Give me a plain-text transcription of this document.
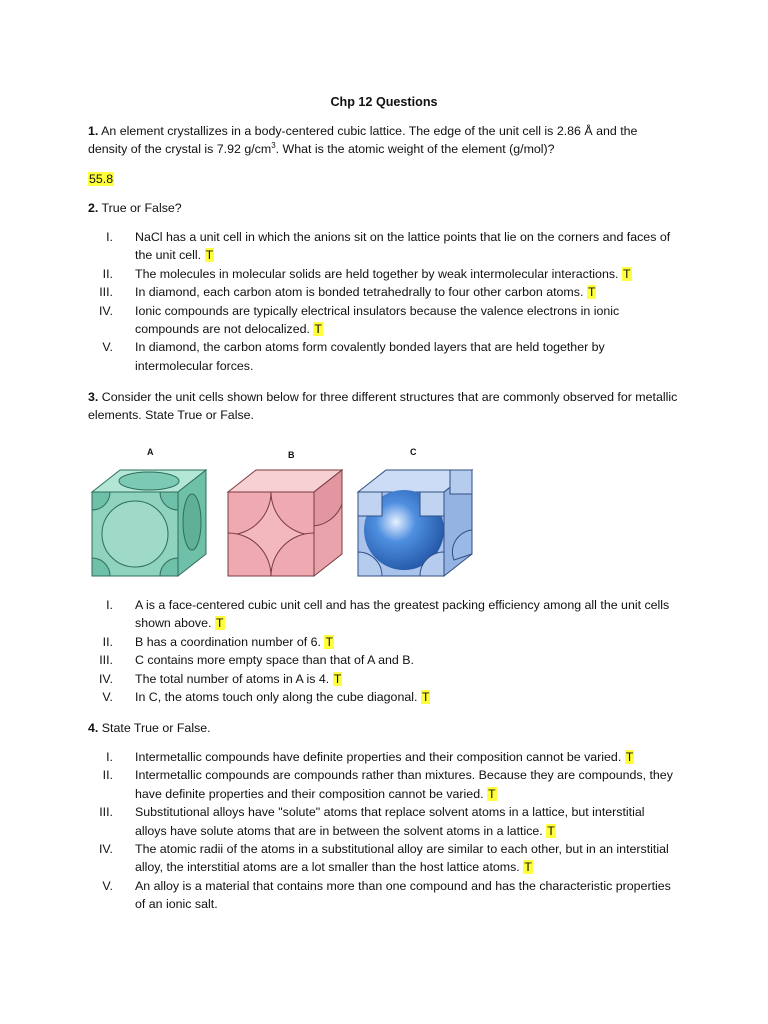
Chp 12 Questions
1. An element crystallizes in a body-centered cubic lattice. The edge of the unit cell is 2.86 Å and the density of the crystal is 7.92 $g/cm^3$. What is the atomic weight of the element (g/mol)?
55.8
2. True or False?
I. NaCl has a unit cell in which the anions sit on the lattice points that lie on the corners and faces of the unit cell. T
II. The molecules in molecular solids are held together by weak intermolecular interactions. T
III. In diamond, each carbon atom is bonded tetrahedrally to four other carbon atoms. T
IV. Ionic compounds are typically electrical insulators because the valence electrons in ionic compounds are not delocalized. T
V. In diamond, the carbon atoms form covalently bonded layers that are held together by intermolecular forces.
3. Consider the unit cells shown below for three different structures that are commonly observed for metallic elements. State True or False.
A	B	C
I. A is a face-centered cubic unit cell and has the greatest packing efficiency among all the unit cells shown above. T
II. B has a coordination number of 6. T
III. C contains more empty space than that of A and B.
IV. The total number of atoms in A is 4. T
V. In C, the atoms touch only along the cube diagonal. T
4. State True or False.
I. Intermetallic compounds have definite properties and their composition cannot be varied. T
II. Intermetallic compounds are compounds rather than mixtures. Because they are compounds, they have definite properties and their composition cannot be varied. T
III. Substitutional alloys have "solute" atoms that replace solvent atoms in a lattice, but interstitial alloys have solute atoms that are in between the solvent atoms in a lattice. T
IV. The atomic radii of the atoms in a substitutional alloy are similar to each other, but in an interstitial alloy, the interstitial atoms are a lot smaller than the host lattice atoms. T
V. An alloy is a material that contains more than one compound and has the characteristic properties of an ionic salt.
